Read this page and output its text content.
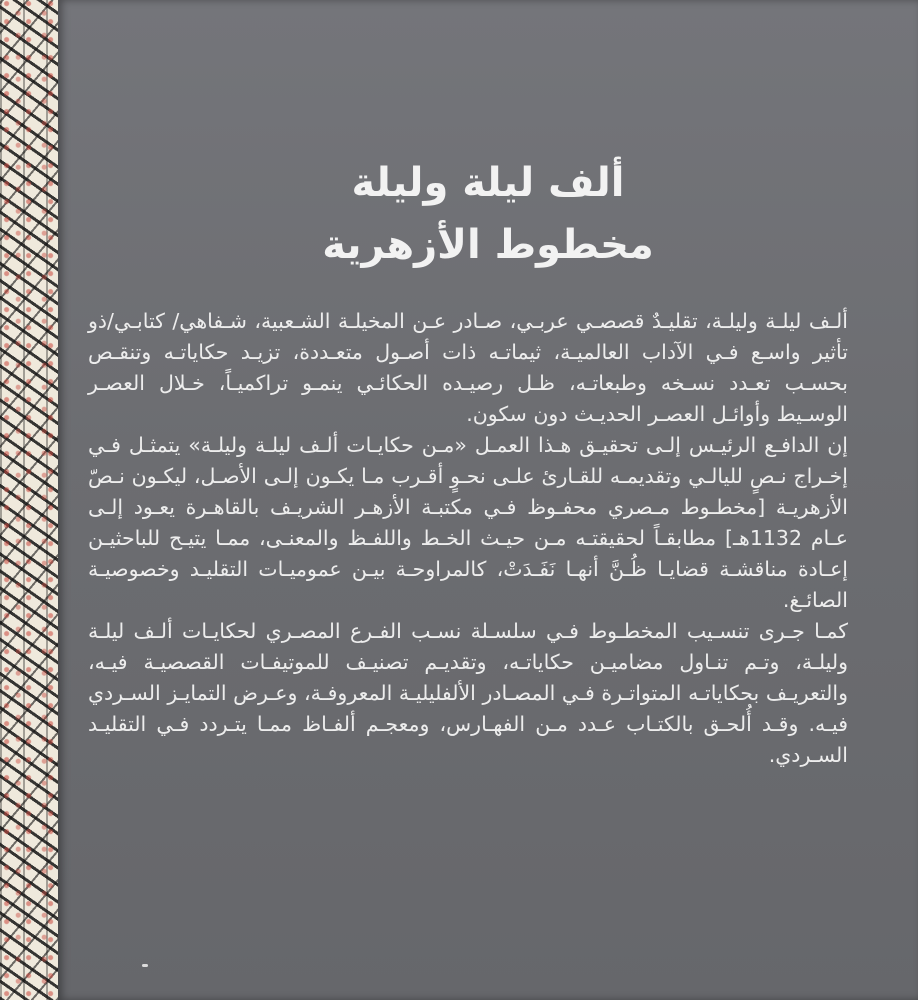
ألف ليلة وليلة
مخطوط الأزهرية

ألـف ليلـة وليلـة، تقليـدٌ قصصـي عربـي، صـادر عـن المخيلـة الشـعبية، شـفاهي/ كتابـي/ذو تأثير واسـع فـي الآداب العالميـة، ثيماتـه ذات أصـول متعـددة، تزيـد حكاياتـه وتنقـص بحسـب تعـدد نسـخه وطبعاتـه، ظـل رصيـده الحكائـي ينمـو تراكميـاً، خـلال العصـر الوسـيط وأوائـل العصـر الحديـث دون سكون.

إن الدافـع الرئيـس إلـى تحقيـق هـذا العمـل «مـن حكايـات ألـف ليلـة وليلـة» يتمثـل فـي إخـراج نـصٍ لليالـي وتقديمـه للقـارئ علـى نحـوٍ أقـرب مـا يكـون إلـى الأصـل، ليكـون نـصّ الأزهريـة [مخطـوط مـصري محفـوظ فـي مكتبـة الأزهـر الشريـف بالقاهـرة يعـود إلـى عـام 1132هـ] مطابقـاً لحقيقتـه مـن حيـث الخـط واللفـظ والمعنـى، ممـا يتيـح للباحثيـن إعـادة مناقشـة قضايـا ظُـنَّ أنهـا نَفَـدَتْ، كالمراوحـة بيـن عموميـات التقليـد وخصوصيـة الصائـغ.

كمـا جـرى تنسـيب المخطـوط فـي سلسـلة نسـب الفـرع المصـري لحكايـات ألـف ليلـة وليلـة، وتـم تنـاول مضاميـن حكاياتـه، وتقديـم تصنيـف للموتيفـات القصصيـة فيـه، والتعريـف بحكاياتـه المتواتـرة فـي المصـادر الألفليليـة المعروفـة، وعـرض التمايـز السـردي فيـه. وقـد أُلحـق بالكتـاب عـدد مـن الفهـارس، ومعجـم ألفـاظ ممـا يتـردد فـي التقليـد السـردي.
